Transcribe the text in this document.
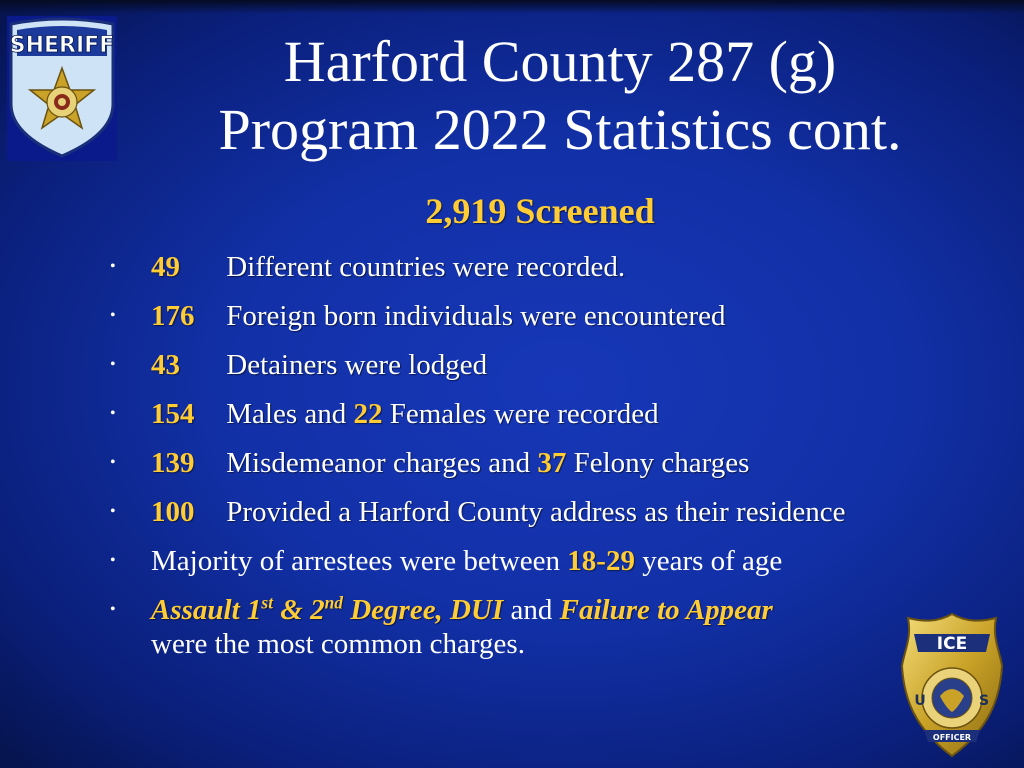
SHERIFF	Harford County 287 (g)
Program 2022 Statistics cont.
2,919 Screened
• 49 Different countries were recorded.
• 176 Foreign born individuals were encountered
• 43 Detainers were lodged
• 154 Males and 22 Females were recorded
• 139 Misdemeanor charges and 37 Felony charges
• 100 Provided a Harford County address as their residence
• Majority of arrestees were between 18-29 years of age
• Assault 1st & 2nd Degree, DUI and Failure to Appear
were the most common charges.	ICE
U	S
OFFICER
